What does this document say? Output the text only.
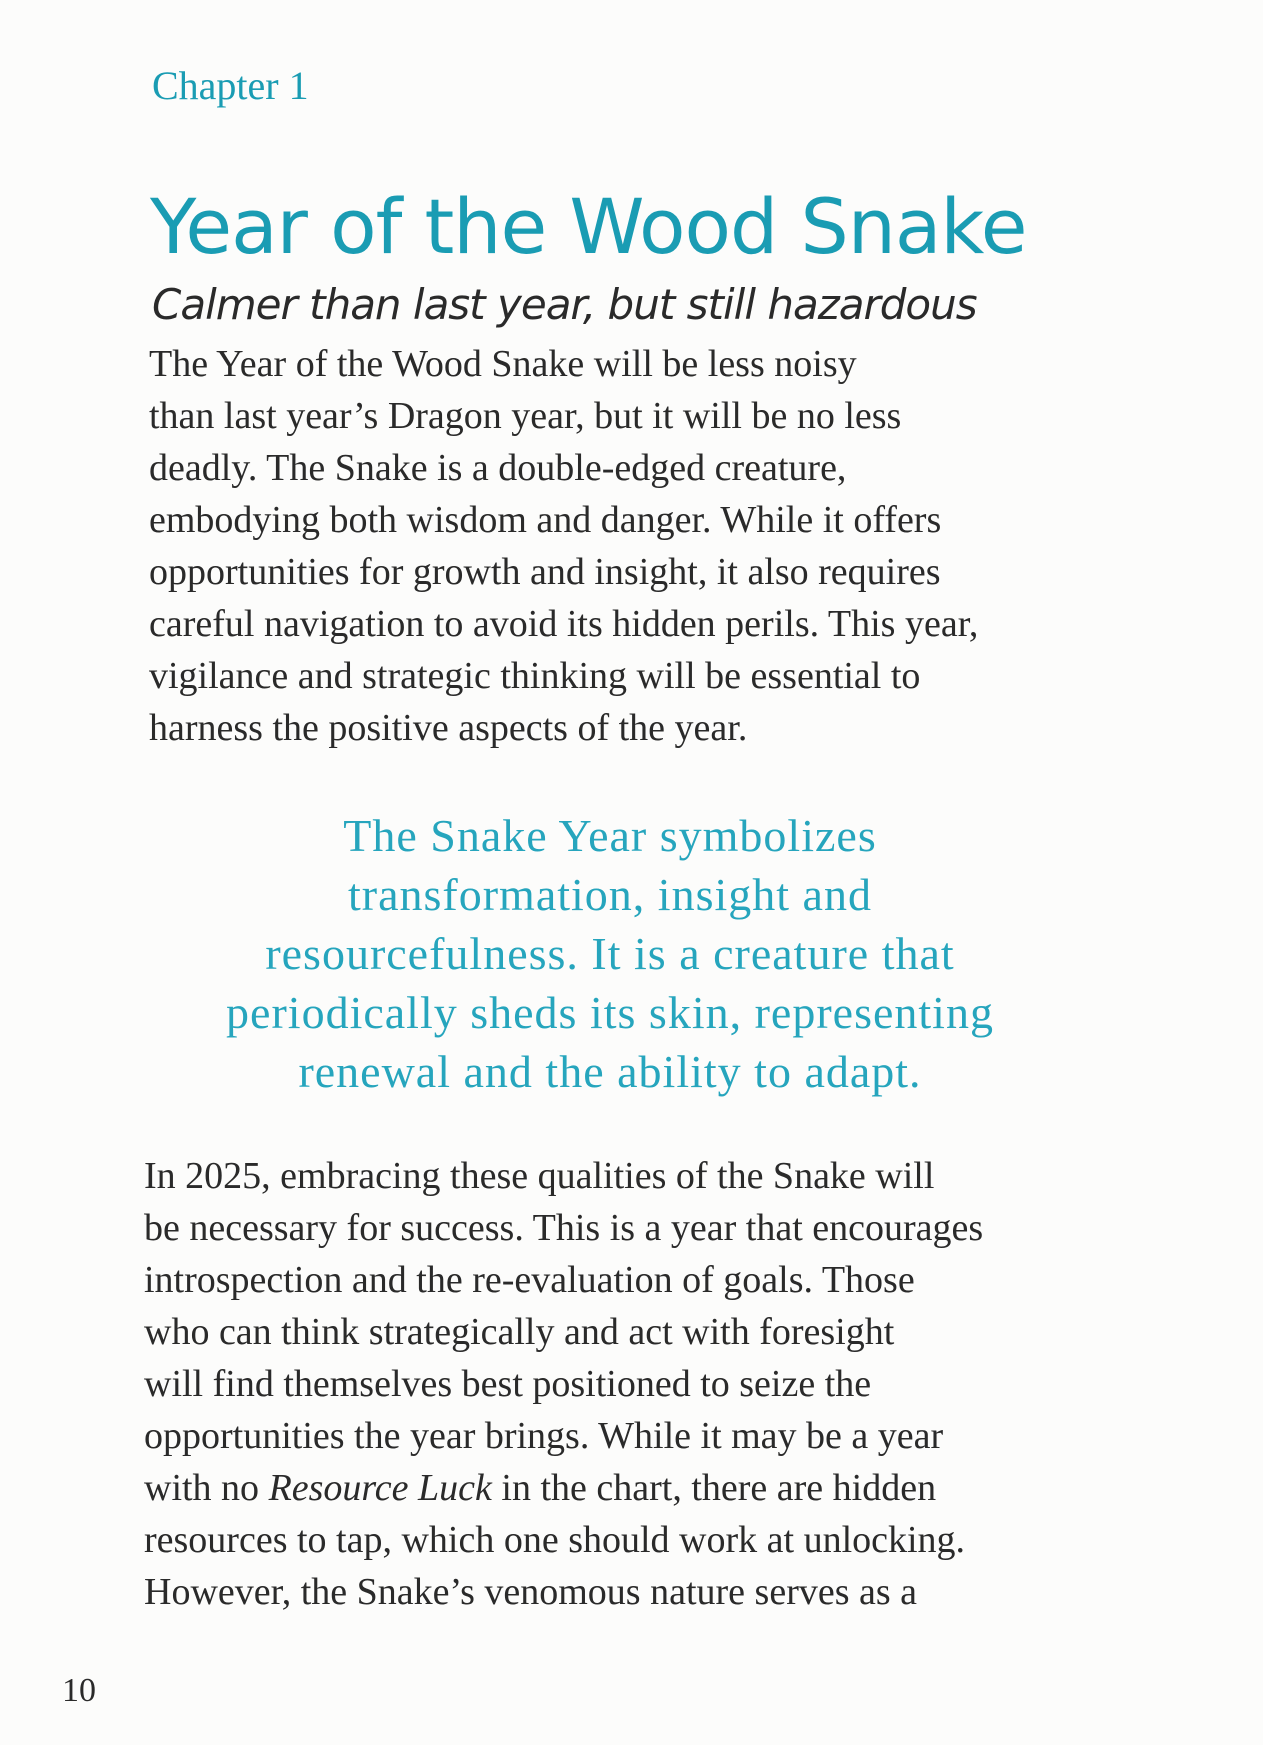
Chapter 1
Year of the Wood Snake
Calmer than last year, but still hazardous
The Year of the Wood Snake will be less noisy
than last year’s Dragon year, but it will be no less
deadly. The Snake is a double-edged creature,
embodying both wisdom and danger. While it offers
opportunities for growth and insight, it also requires
careful navigation to avoid its hidden perils. This year,
vigilance and strategic thinking will be essential to
harness the positive aspects of the year.
The Snake Year symbolizes
transformation, insight and
resourcefulness. It is a creature that
periodically sheds its skin, representing
renewal and the ability to adapt.
In 2025, embracing these qualities of the Snake will
be necessary for success. This is a year that encourages
introspection and the re-evaluation of goals. Those
who can think strategically and act with foresight
will find themselves best positioned to seize the
opportunities the year brings. While it may be a year
with no Resource Luck in the chart, there are hidden
resources to tap, which one should work at unlocking.
However, the Snake’s venomous nature serves as a
10
